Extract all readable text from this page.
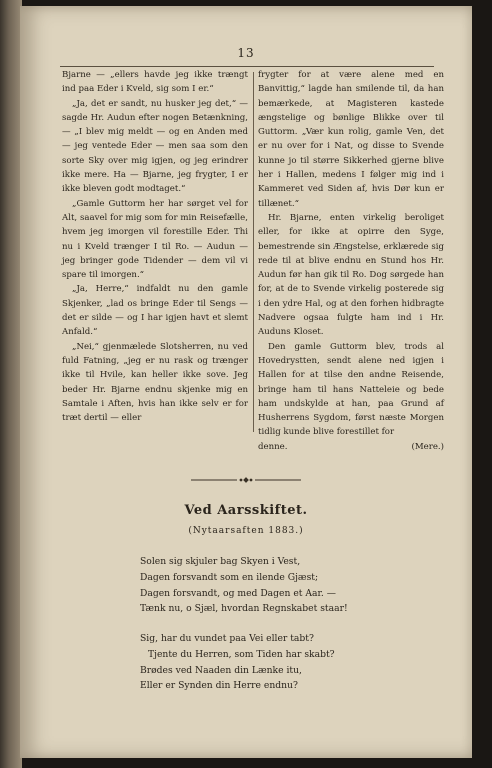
13

Bjarne — „ellers havde jeg ikke trængt ind paa Eder i Kveld, sig som I er.“

„Ja, det er sandt, nu husker jeg det,“ — sagde Hr. Audun efter nogen Betænkning, — „I blev mig meldt — og en Anden med — jeg ventede Eder — men saa som den sorte Sky over mig igjen, og jeg erindrer ikke mere. Ha — Bjarne, jeg frygter, I er ikke bleven godt modtaget.“

„Gamle Guttorm her har sørget vel for Alt, saavel for mig som for min Reisefælle, hvem jeg imorgen vil forestille Eder. Thi nu i Kveld trænger I til Ro. — Audun — jeg bringer gode Tidender — dem vil vi spare til imorgen.“

„Ja, Herre,“ indfaldt nu den gamle Skjenker, „lad os bringe Eder til Sengs — det er silde — og I har igjen havt et slemt Anfald.“

„Nei,“ gjenmælede Slotsherren, nu ved fuld Fatning, „jeg er nu rask og trænger ikke til Hvile, kan heller ikke sove. Jeg beder Hr. Bjarne endnu skjenke mig en Samtale i Aften, hvis han ikke selv er for træt dertil — eller

frygter for at være alene med en Banvittig,“ lagde han smilende til, da han bemærkede, at Magisteren kastede ængstelige og bønlige Blikke over til Guttorm. „Vær kun rolig, gamle Ven, det er nu over for i Nat, og disse to Svende kunne jo til større Sikkerhed gjerne blive her i Hallen, medens I følger mig ind i Kammeret ved Siden af, hvis Dør kun er tillænet.“

Hr. Bjarne, enten virkelig beroliget eller, for ikke at opirre den Syge, bemestrende sin Ængstelse, erklærede sig rede til at blive endnu en Stund hos Hr. Audun før han gik til Ro. Dog sørgede han for, at de to Svende virkelig posterede sig i den ydre Hal, og at den forhen hidbragte Nadvere ogsaa fulgte ham ind i Hr. Auduns Kloset.

Den gamle Guttorm blev, trods al Hovedrystten, sendt alene ned igjen i Hallen for at tilse den andne Reisende, bringe ham til hans Natteleie og bede ham undskylde at han, paa Grund af Husherrens Sygdom, først næste Morgen tidlig kunde blive forestillet for

denne.	(Mere.)
Ved Aarsskiftet.
(Nytaarsaften 1883.)
Solen sig skjuler bag Skyen i Vest,
Dagen forsvandt som en ilende Gjæst;
Dagen forsvandt, og med Dagen et Aar. —
Tænk nu, o Sjæl, hvordan Regnskabet staar!
Sig, har du vundet paa Vei eller tabt?
Tjente du Herren, som Tiden har skabt?
Brødes ved Naaden din Lænke itu,
Eller er Synden din Herre endnu?
